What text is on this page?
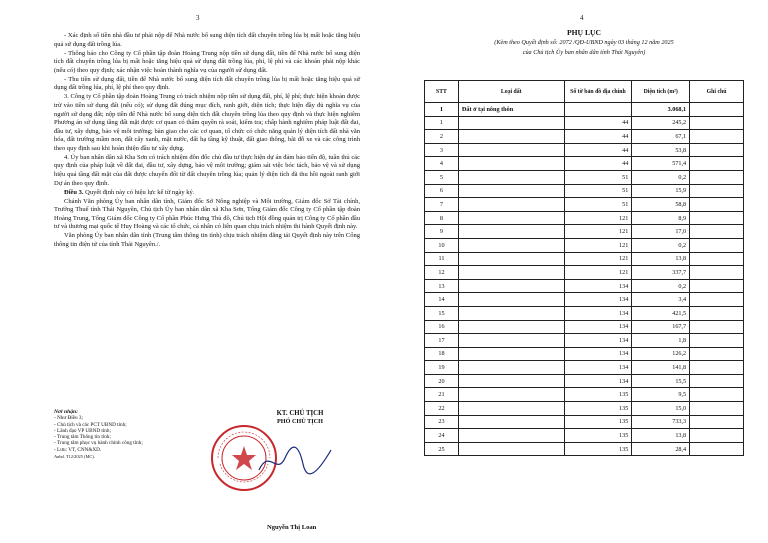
3

- Xác định số tiền nhà đầu tư phải nộp để Nhà nước bổ sung diện tích đất chuyên trồng lúa bị mất hoặc tăng hiệu quả sử dụng đất trồng lúa.

- Thông báo cho Công ty Cổ phần tập đoàn Hoàng Trung nộp tiền sử dụng đất, tiền để Nhà nước bổ sung diện tích đất chuyên trồng lúa bị mất hoặc tăng hiệu quả sử dụng đất trồng lúa, phí, lệ phí và các khoản phải nộp khác (nếu có) theo quy định; xác nhận việc hoàn thành nghĩa vụ của người sử dụng đất.

- Thu tiền sử dụng đất, tiền để Nhà nước bổ sung diện tích đất chuyên trồng lúa bị mất hoặc tăng hiệu quả sử dụng đất trồng lúa, phí, lệ phí theo quy định.

3. Công ty Cổ phần tập đoàn Hoàng Trung có trách nhiệm nộp tiền sử dụng đất, phí, lệ phí; thực hiện khoản được trừ vào tiền sử dụng đất (nếu có); sử dụng đất đúng mục đích, ranh giới, diện tích; thực hiện đầy đủ nghĩa vụ của người sử dụng đất; nộp tiền để Nhà nước bổ sung diện tích đất chuyên trồng lúa theo quy định và thực hiện nghiêm Phương án sử dụng tầng đất mặt được cơ quan có thẩm quyền rà soát, kiểm tra; chấp hành nghiêm pháp luật đất đai, đầu tư, xây dựng, bảo vệ môi trường; bàn giao cho các cơ quan, tổ chức có chức năng quản lý diện tích đất nhà văn hóa, đất trường mầm non, đất cây xanh, mặt nước, đất hạ tầng kỹ thuật, đất giao thông, bãi đỗ xe và các công trình theo quy định sau khi hoàn thiện đầu tư xây dựng.

4. Ủy ban nhân dân xã Kha Sơn có trách nhiệm đôn đốc chủ đầu tư thực hiện dự án đảm bảo tiến độ, tuân thủ các quy định của pháp luật về đất đai, đầu tư, xây dựng, bảo vệ môi trường; giám sát việc bóc tách, bảo vệ và sử dụng hiệu quả tầng đất mặt của đất được chuyển đổi từ đất chuyên trồng lúa; quản lý diện tích đã thu hồi ngoài ranh giới Dự án theo quy định.

Điều 3. Quyết định này có hiệu lực kể từ ngày ký.

Chánh Văn phòng Ủy ban nhân dân tỉnh, Giám đốc Sở Nông nghiệp và Môi trường, Giám đốc Sở Tài chính, Trưởng Thuế tỉnh Thái Nguyên, Chủ tịch Ủy ban nhân dân xã Kha Sơn, Tổng Giám đốc Công ty Cổ phần tập đoàn Hoàng Trung, Tổng Giám đốc Công ty Cổ phần Phúc Hưng Thủ đô, Chủ tịch Hội đồng quản trị Công ty Cổ phần đầu tư và thương mại quốc tế Huy Hoàng và các tổ chức, cá nhân có liên quan chịu trách nhiệm thi hành Quyết định này.

Văn phòng Ủy ban nhân dân tỉnh (Trung tâm thông tin tỉnh) chịu trách nhiệm đăng tải Quyết định này trên Cổng thông tin điện tử của tỉnh Thái Nguyên./.

Nơi nhận:
- Như Điều 3;
- Chủ tịch và các PCT UBND tỉnh;
- Lãnh đạo VP UBND tỉnh;
- Trung tâm Thông tin tỉnh;
- Trung tâm phục vụ hành chính công tỉnh;
- Lưu: VT, CNN&XD.
Anhd. T12/2025 (MC).
KT. CHỦ TỊCH
PHÓ CHỦ TỊCH
Nguyễn Thị Loan
4
PHỤ LỤC
(Kèm theo Quyết định số: 2072 /QĐ-UBND ngày 03 tháng 12 năm 2025
của Chủ tịch Ủy ban nhân dân tỉnh Thái Nguyên)
STT	Loại đất	Số tờ bản đồ địa chính	Diện tích (m²)	Ghi chú
I	Đất ở tại nông thôn		3.068,1	
1		44	245,2	
2		44	67,1	
3		44	53,8	
4		44	571,4	
5		51	0,2	
6		51	15,9	
7		51	58,8	
8		121	8,9	
9		121	17,0	
10		121	0,2	
11		121	13,8	
12		121	337,7	
13		134	0,2	
14		134	3,4	
15		134	421,5	
16		134	167,7	
17		134	1,8	
18		134	126,2	
19		134	141,8	
20		134	15,5	
21		135	9,5	
22		135	15,0	
23		135	733,3	
24		135	13,8	
25		135	28,4	
